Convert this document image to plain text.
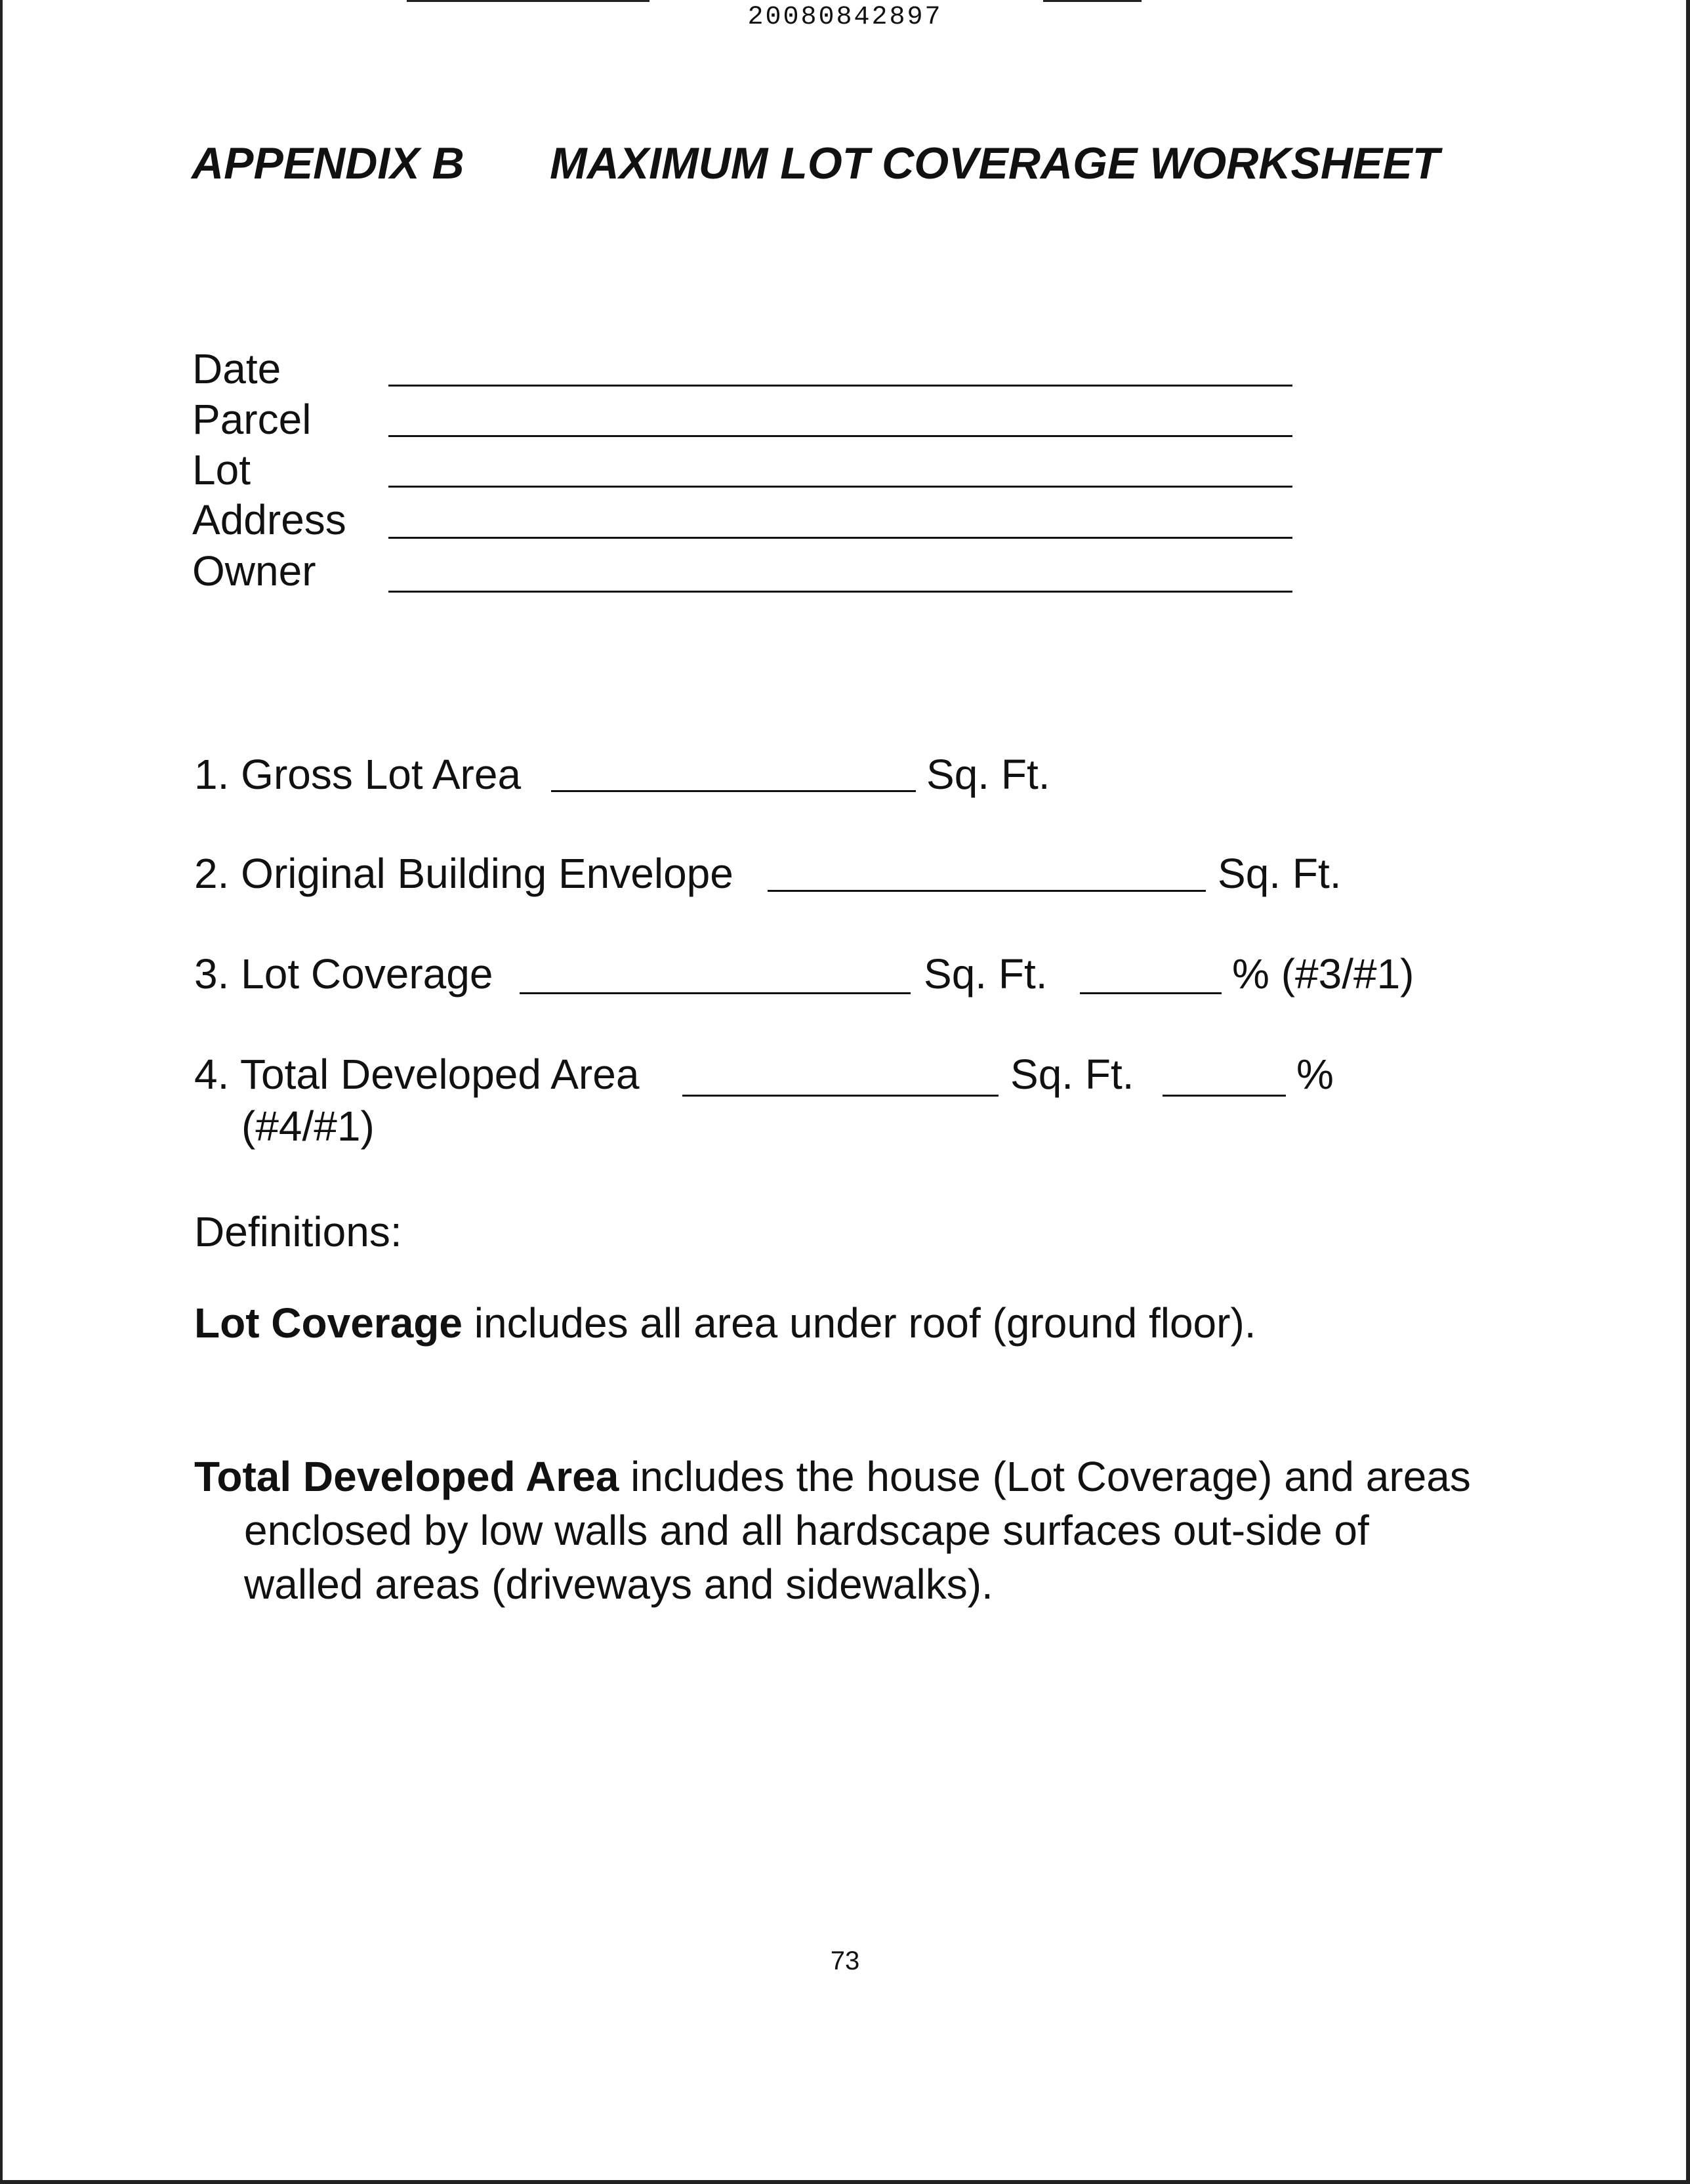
20080842897
APPENDIX B MAXIMUM LOT COVERAGE WORKSHEET
Date
Parcel
Lot
Address
Owner
1. Gross Lot Area	Sq. Ft.
2. Original Building Envelope	Sq. Ft.
3. Lot Coverage	Sq. Ft.	% (#3/#1)
4. Total Developed Area	Sq. Ft.	%
(#4/#1)
Definitions:
Lot Coverage includes all area under roof (ground floor).
Total Developed Area includes the house (Lot Coverage) and areas enclosed by low walls and all hardscape surfaces out-side of walled areas (driveways and sidewalks).
73
